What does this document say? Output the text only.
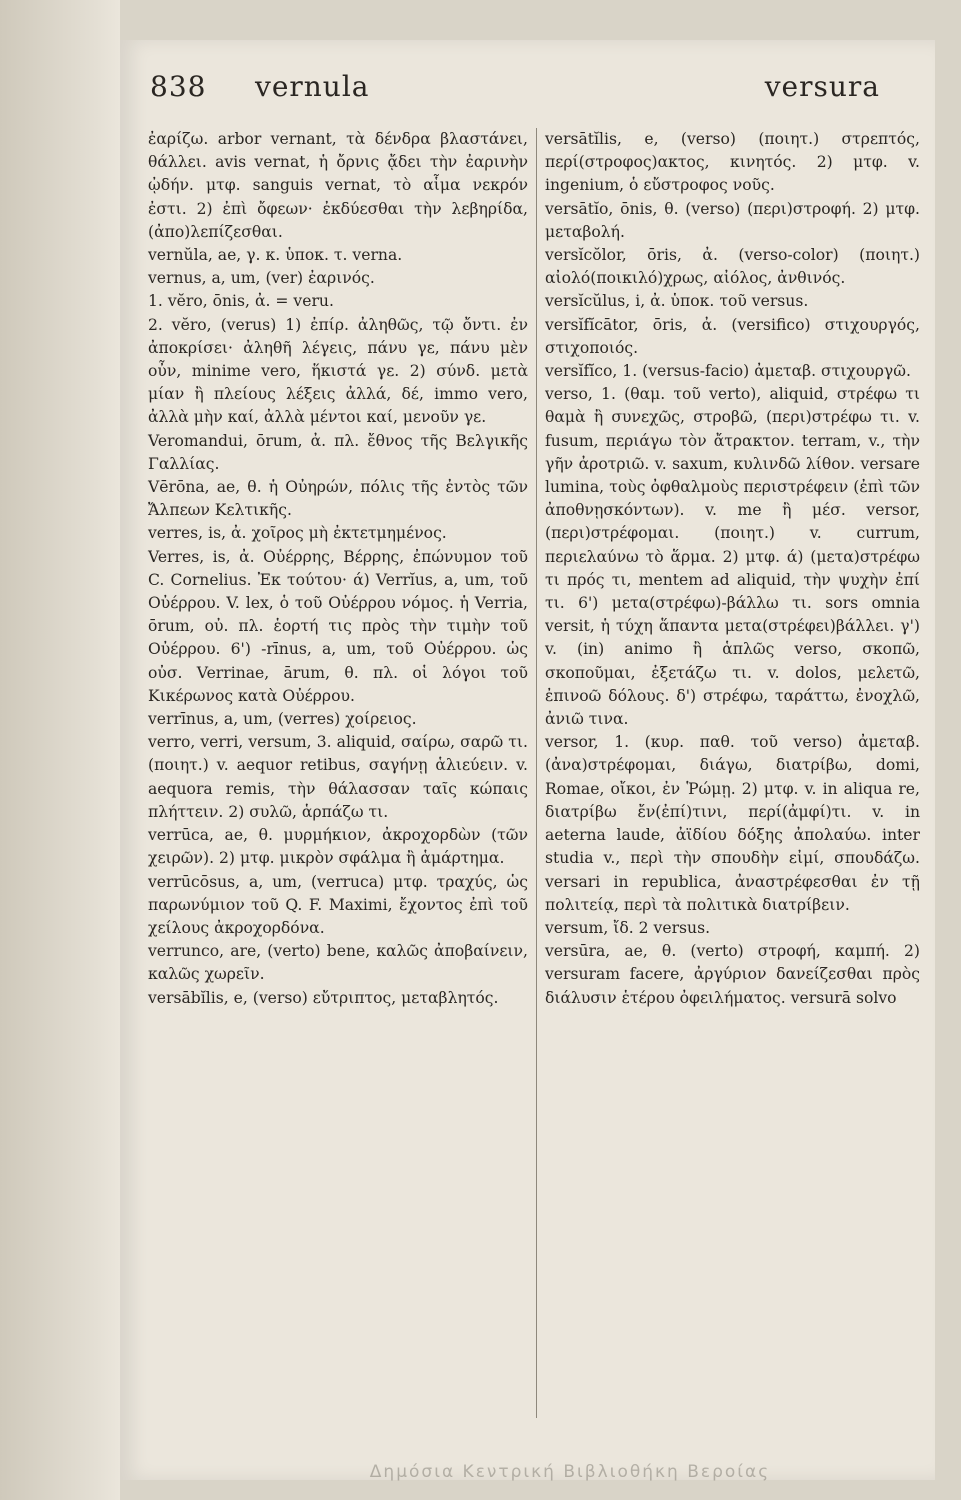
838 vernula	versura

ἐαρίζω. arbor vernant, τὰ δένδρα βλαστάνει, θάλλει. avis vernat, ἡ ὄρνις ᾄδει τὴν ἐαρινὴν ᾠδήν. μτφ. sanguis vernat, τὸ αἷμα νεκρόν ἐστι. 2) ἐπὶ ὄφεων· ἐκδύεσθαι τὴν λεβηρίδα, (ἀπο)λεπίζεσθαι.

vernŭla, ae, γ. κ. ὑποκ. τ. verna.

vernus, a, um, (ver) ἐαρινός.

1. vĕro, ōnis, ἀ. = veru.

2. vĕro, (verus) 1) ἐπίρ. ἀληθῶς, τῷ ὄντι. ἐν ἀποκρίσει· ἀληθῆ λέγεις, πάνυ γε, πάνυ μὲν οὖν, minime vero, ἥκιστά γε. 2) σύνδ. μετὰ μίαν ἢ πλείους λέξεις ἀλλά, δέ, immo vero, ἀλλὰ μὴν καί, ἀλλὰ μέντοι καί, μενοῦν γε.

Veromandui, ōrum, ἀ. πλ. ἔθνος τῆς Βελγικῆς Γαλλίας.

Vērōna, ae, θ. ἡ Οὐηρών, πόλις τῆς ἐντὸς τῶν Ἄλπεων Κελτικῆς.

verres, is, ἀ. χοῖρος μὴ ἐκτετμημένος.

Verres, is, ἀ. Οὐέρρης, Βέρρης, ἐπώνυμον τοῦ C. Cornelius. Ἐκ τούτου· ά) Verrĭus, a, um, τοῦ Οὐέρρου. V. lex, ὁ τοῦ Οὐέρρου νόμος. ἡ Verria, ōrum, οὐ. πλ. ἑορτή τις πρὸς τὴν τιμὴν τοῦ Οὐέρρου. 6') -rīnus, a, um, τοῦ Οὐέρρου. ὡς οὐσ. Verrinae, ārum, θ. πλ. οἱ λόγοι τοῦ Κικέρωνος κατὰ Οὐέρρου.

verrīnus, a, um, (verres) χοίρειος.

verro, verri, versum, 3. aliquid, σαίρω, σαρῶ τι. (ποιητ.) v. aequor retibus, σαγήνῃ ἁλιεύειν. v. aequora remis, τὴν θάλασσαν ταῖς κώπαις πλήττειν. 2) συλῶ, ἁρπάζω τι.

verrūca, ae, θ. μυρμήκιον, ἀκροχορδὼν (τῶν χειρῶν). 2) μτφ. μικρὸν σφάλμα ἢ ἁμάρτημα.

verrūcōsus, a, um, (verruca) μτφ. τραχύς, ὡς παρωνύμιον τοῦ Q. F. Maximi, ἔχοντος ἐπὶ τοῦ χείλους ἀκροχορδόνα.

verrunco, are, (verto) bene, καλῶς ἀποβαίνειν, καλῶς χωρεῖν.

versābĭlis, e, (verso) εὔτριπτος, μεταβλητός.

versātĭlis, e, (verso) (ποιητ.) στρεπτός, περί(στροφος)ακτος, κινητός. 2) μτφ. v. ingenium, ὁ εὔστροφος νοῦς.

versātĭo, ōnis, θ. (verso) (περι)στροφή. 2) μτφ. μεταβολή.

versĭcŏlor, ōris, ἀ. (verso-color) (ποιητ.) αἰολό(ποικιλό)χρως, αἰόλος, ἀνθινός.

versĭcŭlus, i, ἀ. ὑποκ. τοῦ versus.

versĭfĭcātor, ōris, ἀ. (versifico) στιχουργός, στιχοποιός.

versĭfĭco, 1. (versus-facio) ἀμεταβ. στιχουργῶ.

verso, 1. (θαμ. τοῦ verto), aliquid, στρέφω τι θαμὰ ἢ συνεχῶς, στροβῶ, (περι)στρέφω τι. v. fusum, περιάγω τὸν ἄτρακτον. terram, v., τὴν γῆν ἀροτριῶ. v. saxum, κυλινδῶ λίθον. versare lumina, τοὺς ὀφθαλμοὺς περιστρέφειν (ἐπὶ τῶν ἀποθνῃσκόντων). v. me ἢ μέσ. versor, (περι)στρέφομαι. (ποιητ.) v. currum, περιελαύνω τὸ ἅρμα. 2) μτφ. ά) (μετα)στρέφω τι πρός τι, mentem ad aliquid, τὴν ψυχὴν ἐπί τι. 6') μετα(στρέφω)-βάλλω τι. sors omnia versit, ἡ τύχη ἅπαντα μετα(στρέφει)βάλλει. γ') v. (in) animo ἢ ἁπλῶς verso, σκοπῶ, σκοποῦμαι, ἐξετάζω τι. v. dolos, μελετῶ, ἐπινοῶ δόλους. δ') στρέφω, ταράττω, ἐνοχλῶ, ἀνιῶ τινα.

versor, 1. (κυρ. παθ. τοῦ verso) ἀμεταβ. (ἀνα)στρέφομαι, διάγω, διατρίβω, domi, Romae, οἴκοι, ἐν Ῥώμῃ. 2) μτφ. v. in aliqua re, διατρίβω ἔν(ἐπί)τινι, περί(ἀμφί)τι. v. in aeterna laude, ἀϊδίου δόξης ἀπολαύω. inter studia v., περὶ τὴν σπουδὴν εἰμί, σπουδάζω. versari in republica, ἀναστρέφεσθαι ἐν τῇ πολιτείᾳ, περὶ τὰ πολιτικὰ διατρίβειν.

versum, ἴδ. 2 versus.

versūra, ae, θ. (verto) στροφή, καμπή. 2) versuram facere, ἀργύριον δανείζεσθαι πρὸς διάλυσιν ἑτέρου ὀφειλήματος. versurā solvo

Δημόσια Κεντρική Βιβλιοθήκη Βεροίας
